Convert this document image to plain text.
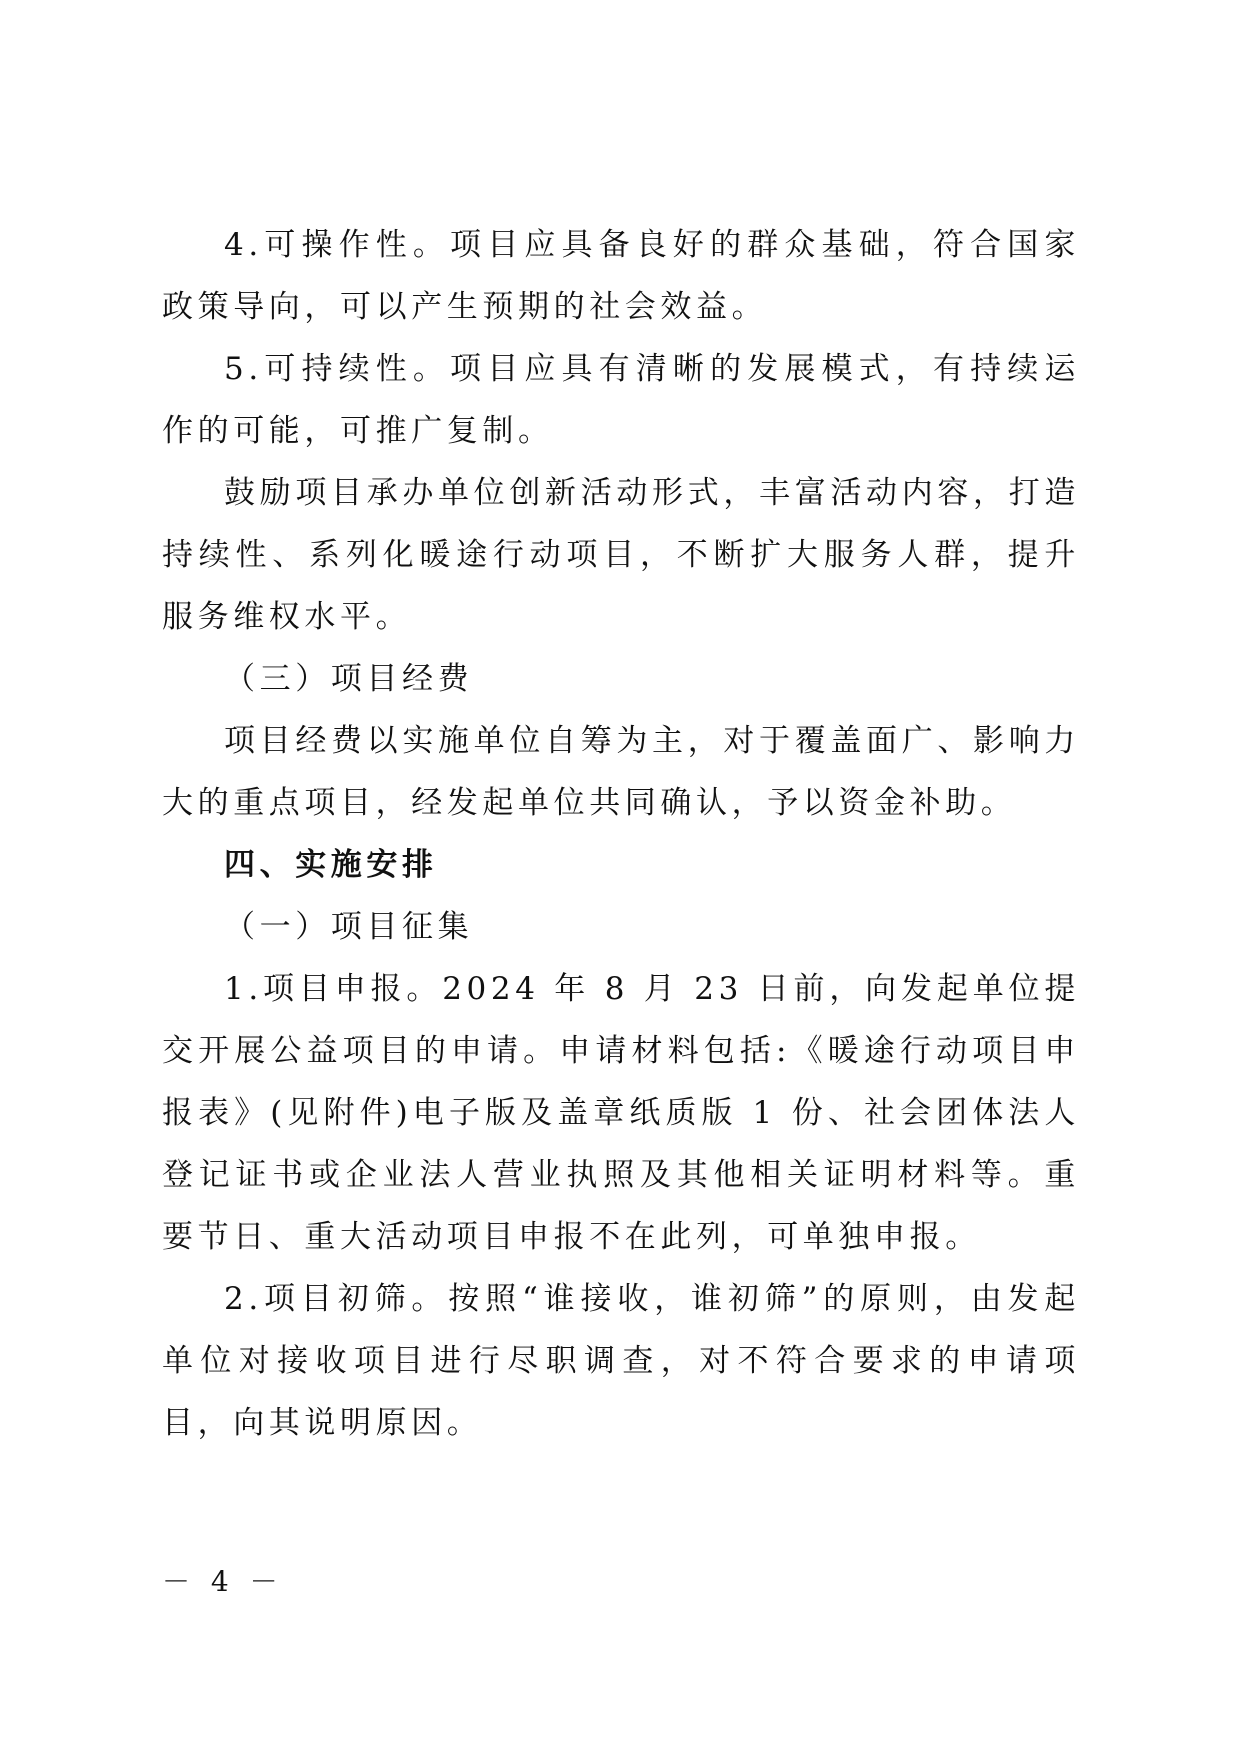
4.可操作性。项目应具备良好的群众基础，符合国家政策导向，可以产生预期的社会效益。

5.可持续性。项目应具有清晰的发展模式，有持续运作的可能，可推广复制。

鼓励项目承办单位创新活动形式，丰富活动内容，打造持续性、系列化暖途行动项目，不断扩大服务人群，提升服务维权水平。

（三）项目经费

项目经费以实施单位自筹为主，对于覆盖面广、影响力大的重点项目，经发起单位共同确认，予以资金补助。

四、实施安排

（一）项目征集

1.项目申报。2024 年 8 月 23 日前，向发起单位提交开展公益项目的申请。申请材料包括:《暖途行动项目申报表》(见附件)电子版及盖章纸质版 1 份、社会团体法人登记证书或企业法人营业执照及其他相关证明材料等。重要节日、重大活动项目申报不在此列，可单独申报。

2.项目初筛。按照“谁接收，谁初筛”的原则，由发起单位对接收项目进行尽职调查，对不符合要求的申请项目，向其说明原因。

－ 4 －
